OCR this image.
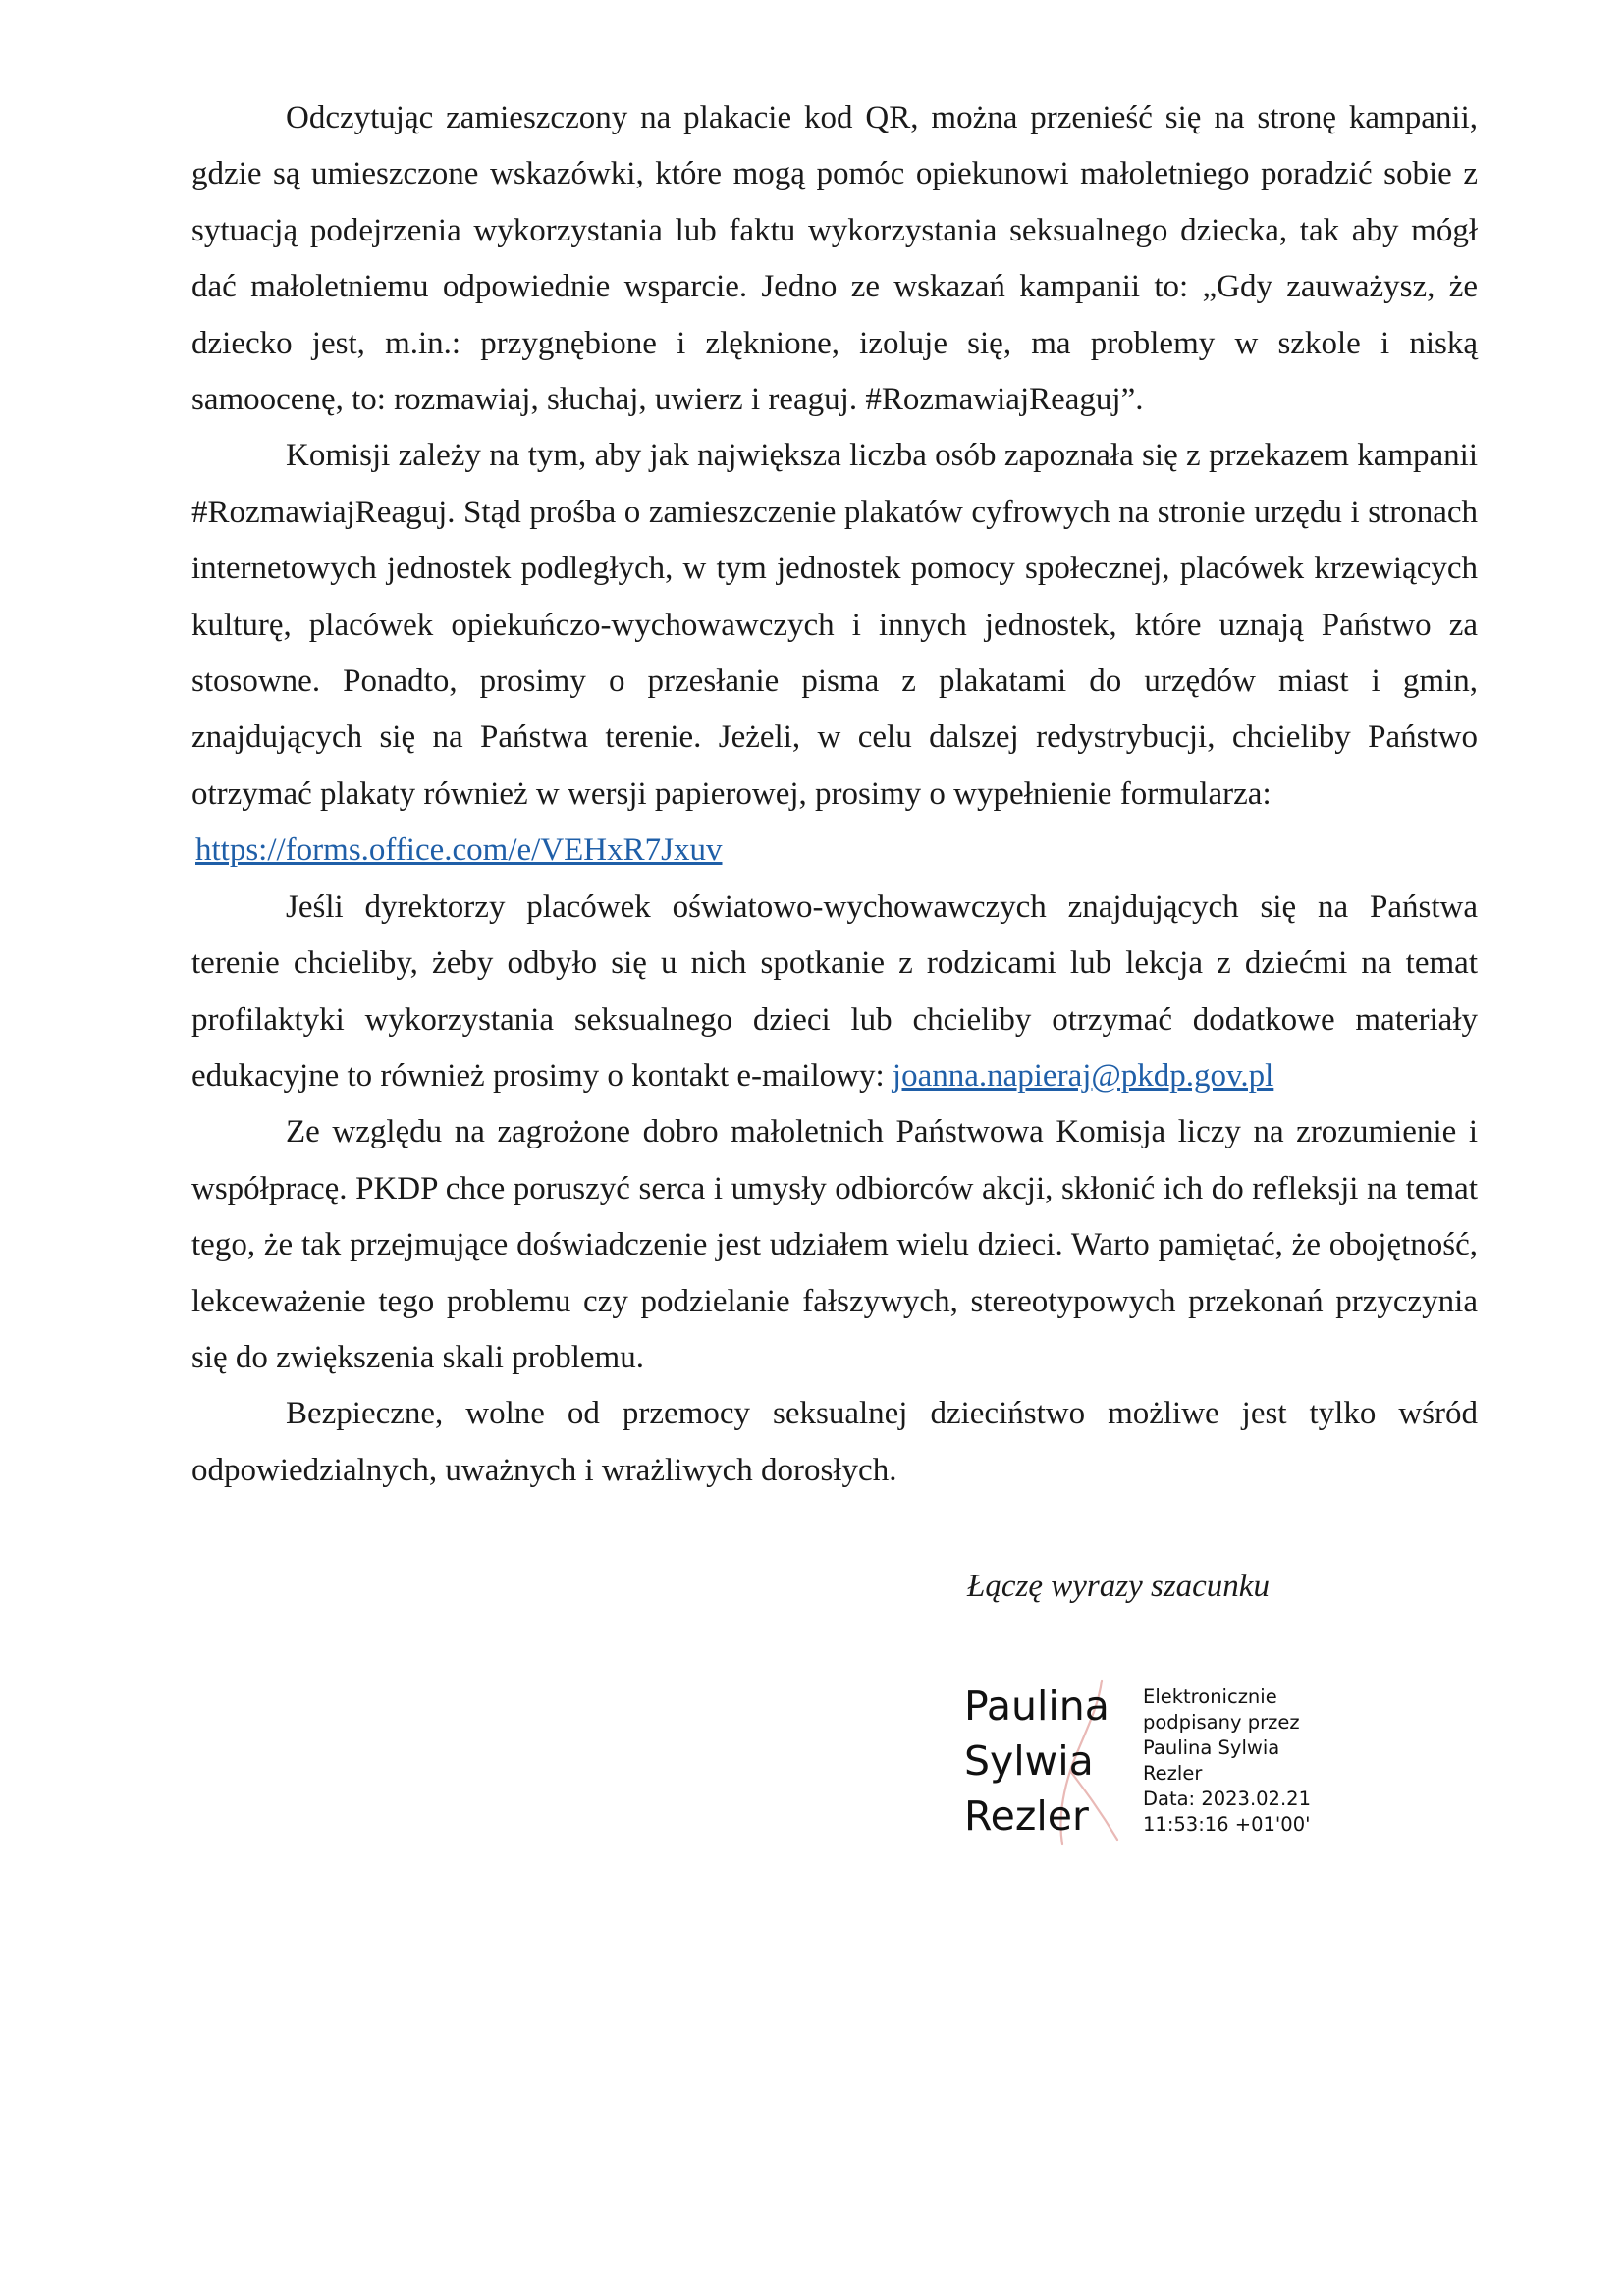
Odczytując zamieszczony na plakacie kod QR, można przenieść się na stronę kampanii, gdzie są umieszczone wskazówki, które mogą pomóc opiekunowi małoletniego poradzić sobie z sytuacją podejrzenia wykorzystania lub faktu wykorzystania seksualnego dziecka, tak aby mógł dać małoletniemu odpowiednie wsparcie. Jedno ze wskazań kampanii to: „Gdy zauważysz, że dziecko jest, m.in.: przygnębione i zlęknione, izoluje się, ma problemy w szkole i niską samoocenę, to: rozmawiaj, słuchaj, uwierz i reaguj. #RozmawiajReaguj”.

Komisji zależy na tym, aby jak największa liczba osób zapoznała się z przekazem kampanii #RozmawiajReaguj. Stąd prośba o zamieszczenie plakatów cyfrowych na stronie urzędu i stronach internetowych jednostek podległych, w tym jednostek pomocy społecznej, placówek krzewiących kulturę, placówek opiekuńczo-wychowawczych i innych jednostek, które uznają Państwo za stosowne. Ponadto, prosimy o przesłanie pisma z plakatami do urzędów miast i gmin, znajdujących się na Państwa terenie. Jeżeli, w celu dalszej redystrybucji, chcieliby Państwo otrzymać plakaty również w wersji papierowej, prosimy o wypełnienie formularza:

https://forms.office.com/e/VEHxR7Jxuv

Jeśli dyrektorzy placówek oświatowo-wychowawczych znajdujących się na Państwa terenie chcieliby, żeby odbyło się u nich spotkanie z rodzicami lub lekcja z dziećmi na temat profilaktyki wykorzystania seksualnego dzieci lub chcieliby otrzymać dodatkowe materiały edukacyjne to również prosimy o kontakt e-mailowy: joanna.napieraj@pkdp.gov.pl

Ze względu na zagrożone dobro małoletnich Państwowa Komisja liczy na zrozumienie i współpracę. PKDP chce poruszyć serca i umysły odbiorców akcji, skłonić ich do refleksji na temat tego, że tak przejmujące doświadczenie jest udziałem wielu dzieci. Warto pamiętać, że obojętność, lekceważenie tego problemu czy podzielanie fałszywych, stereotypowych przekonań przyczynia się do zwiększenia skali problemu.

Bezpieczne, wolne od przemocy seksualnej dzieciństwo możliwe jest tylko wśród odpowiedzialnych, uważnych i wrażliwych dorosłych.

Łączę wyrazy szacunku
Paulina
Sylwia
Rezler
Elektronicznie
podpisany przez
Paulina Sylwia
Rezler
Data: 2023.02.21
11:53:16 +01'00'
